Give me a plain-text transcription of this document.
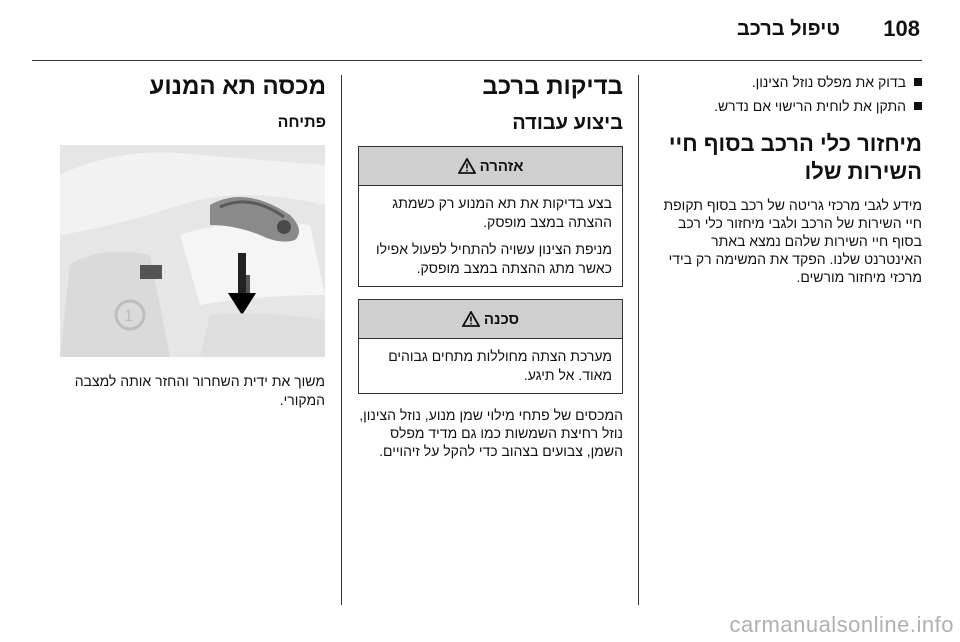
108
טיפול ברכב
בדוק את מפלס נוזל הצינון.
התקן את לוחית הרישוי אם נדרש.
מיחזור כלי הרכב בסוף חיי השירות שלו

מידע לגבי מרכזי גריטה של רכב בסוף תקופת חיי השירות של הרכב ולגבי מיחזור כלי רכב בסוף חיי השירות שלהם נמצא באתר האינטרנט שלנו. הפקד את המשימה רק בידי מרכזי מיחזור מורשים.

בדיקות ברכב
ביצוע עבודה
אזהרה

בצע בדיקות את תא המנוע רק כשמתג ההצתה במצב מופסק.

מניפת הצינון עשויה להתחיל לפעול אפילו כאשר מתג ההצתה במצב מופסק.

סכנה

מערכת הצתה מחוללות מתחים גבוהים מאוד. אל תיגע.

המכסים של פתחי מילוי שמן מנוע, נוזל הצינון, נוזל רחיצת השמשות כמו גם מדיד מפלס השמן, צבועים בצהוב כדי להקל על זיהויים.

מכסה תא המנוע
פתיחה
1
משוך את ידית השחרור והחזר אותה למצבה המקורי.
carmanualsonline.info
